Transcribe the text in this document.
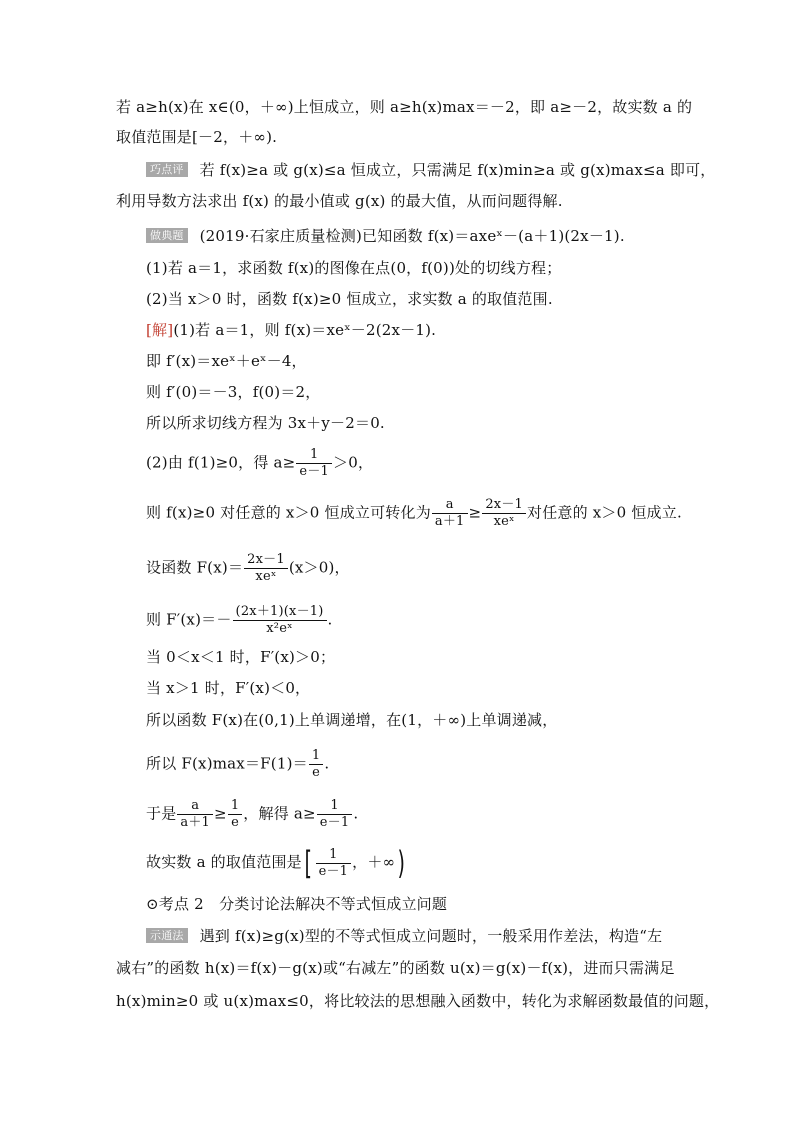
若 a≥h(x)在 x∈(0，＋∞)上恒成立，则 a≥h(x)max＝－2，即 a≥－2，故实数 a 的
取值范围是[－2，＋∞).
巧点评 若 f(x)≥a 或 g(x)≤a 恒成立，只需满足 f(x)min≥a 或 g(x)max≤a 即可，
利用导数方法求出 f(x) 的最小值或 g(x) 的最大值，从而问题得解.
做典题 (2019·石家庄质量检测)已知函数 f(x)＝axeˣ－(a＋1)(2x－1).
(1)若 a＝1，求函数 f(x)的图像在点(0，f(0))处的切线方程；
(2)当 x＞0 时，函数 f(x)≥0 恒成立，求实数 a 的取值范围.
[解](1)若 a＝1，则 f(x)＝xeˣ－2(2x－1).
即 f′(x)＝xeˣ＋eˣ－4，
则 f′(0)＝－3，f(0)＝2，
所以所求切线方程为 3x＋y－2＝0.
(2)由 f(1)≥0，得 $a\ge \frac{1}{e-1} >0$，
则 f(x)≥0 对任意的 x＞0 恒成立可转化为 $\frac{a}{a+1} \ge \frac{2x-1}{\text{xeˣ}}$ 对任意的 x＞0 恒成立.
设函数 $F(x)= \frac{2x-1}{\text{xeˣ}} (x>0)$，
则 $F'(x)=- \frac{(2x+1)(x-1)}{\text{x²eˣ}}$ .
当 0＜x＜1 时，F′(x)＞0；
当 x＞1 时，F′(x)＜0，
所以函数 F(x)在(0,1)上单调递增，在(1，＋∞)上单调递减，
所以 $F(x)\max=F(1)= \frac{1}{e}$ .
于是 $\frac{a}{a+1} \ge \frac{1}{e}$ ，解得 $a\ge \frac{1}{e-1}$ .
故实数 a 的取值范围是[ $\frac{1}{e-1}$ ，＋∞)
⊙考点 2　分类讨论法解决不等式恒成立问题
示通法 遇到 f(x)≥g(x)型的不等式恒成立问题时，一般采用作差法，构造“左
减右”的函数 h(x)＝f(x)－g(x)或“右减左”的函数 u(x)＝g(x)－f(x)，进而只需满足
h(x)min≥0 或 u(x)max≤0，将比较法的思想融入函数中，转化为求解函数最值的问题，
